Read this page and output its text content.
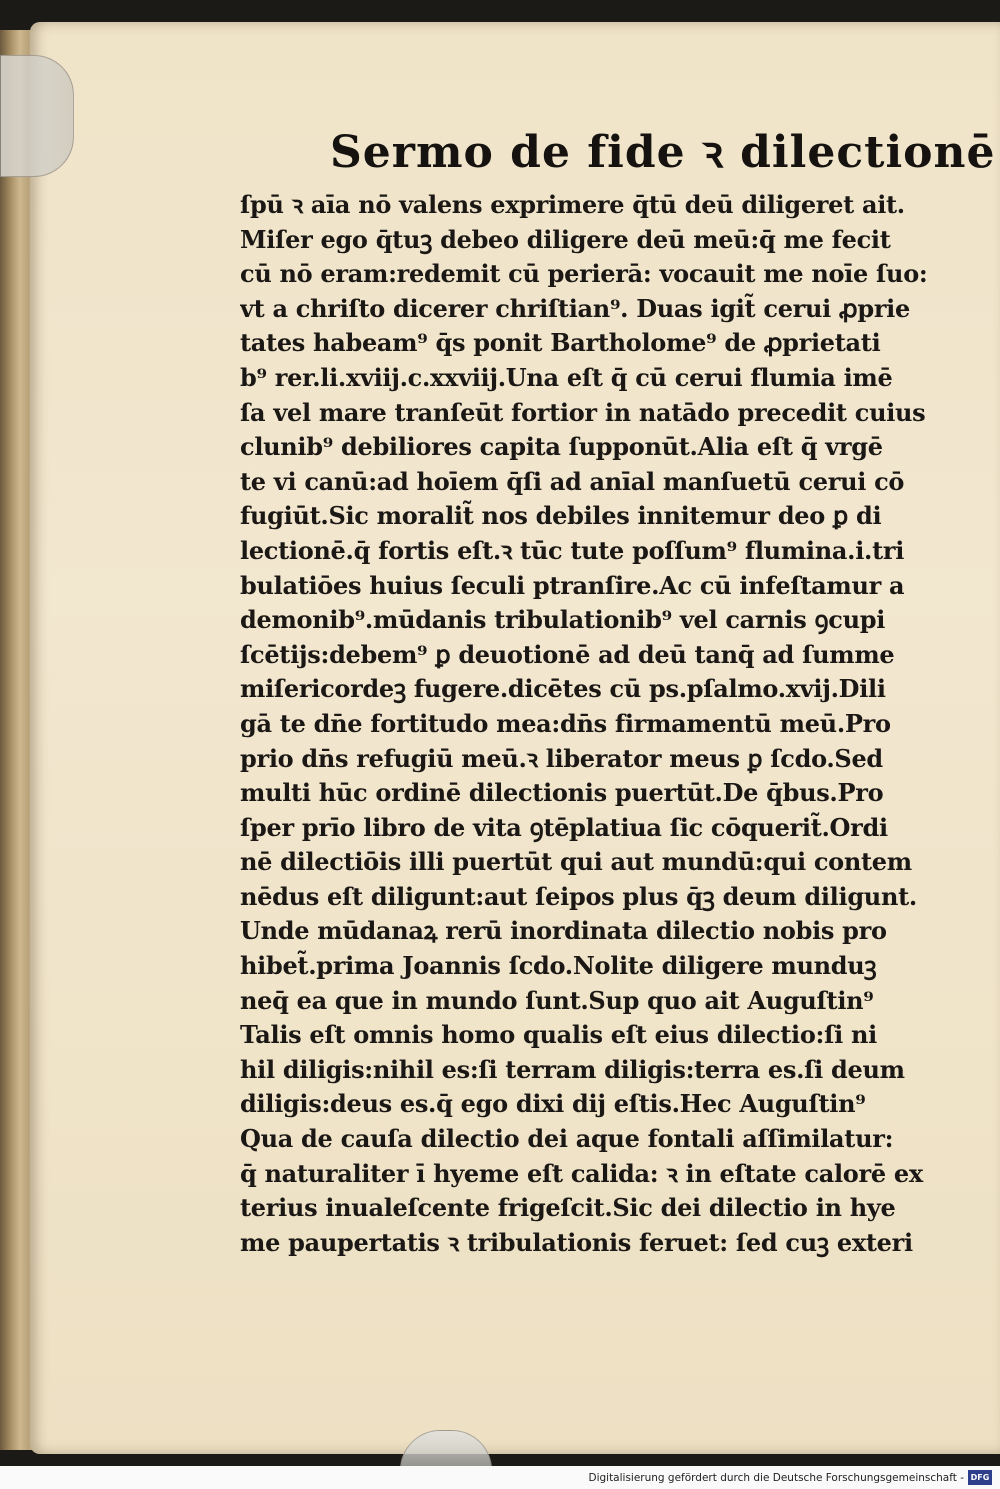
Sermo de fide ꝛ dilectionē
ſpū ꝛ aīa nō valens exprimere q̄tū deū diligeret ait.
Miſer ego q̄tuꝫ debeo diligere deū meū:q̄ me fecit
cū nō eram:redemit cū perierā: vocauit me noīe ſuo:
vt a chriſto dicerer chriſtian⁹. Duas igit̃ cerui ꝓprie
tates habeam⁹ q̄s ponit Bartholome⁹ de ꝓprietati
b⁹ rer.li.xviij.c.xxviij.Una eſt q̄ cū cerui flumia imē
ſa vel mare tranſeūt fortior in natādo precedit cuius
clunib⁹ debiliores capita ſupponūt.Alia eſt q̄ vrgē
te vi canū:ad hoīem q̄ſi ad anīal manſuetū cerui cō
fugiūt.Sic moralit̃ nos debiles innitemur deo ꝑ di
lectionē.q̄ fortis eſt.ꝛ tūc tute poſſum⁹ flumina.i.tri
bulatiōes huius ſeculi ptranſire.Ac cū infeſtamur a
demonib⁹.mūdanis tribulationib⁹ vel carnis ꝯcupi
ſcētijs:debem⁹ ꝑ deuotionē ad deū tanq̄ ad ſumme
miſericordeꝫ fugere.dicētes cū ps.pſalmo.xvij.Dili
gā te dn̄e fortitudo mea:dn̄s firmamentū meū.Pro
prio dn̄s refugiū meū.ꝛ liberator meus ꝑ ſcdo.Sed
multi hūc ordinē dilectionis puertūt.De q̄bus.Pro
ſper prīo libro de vita ꝯtēplatiua ſic cōquerit̃.Ordi
nē dilectiōis illi puertūt qui aut mundū:qui contem
nēdus eſt diligunt:aut ſeipos plus q̄ꝫ deum diligunt.
Unde mūdanaꝝ rerū inordinata dilectio nobis pro
hibet̃.prima Joannis ſcdo.Nolite diligere munduꝫ
neq̄ ea que in mundo ſunt.Sup quo ait Auguſtin⁹
Talis eſt omnis homo qualis eſt eius dilectio:ſi ni
hil diligis:nihil es:ſi terram diligis:terra es.ſi deum
diligis:deus es.q̄ ego dixi dij eſtis.Hec Auguſtin⁹
Qua de cauſa dilectio dei aque fontali aſſimilatur:
q̄ naturaliter ī hyeme eſt calida: ꝛ in eſtate calorē ex
terius inualeſcente frigeſcit.Sic dei dilectio in hye
me paupertatis ꝛ tribulationis feruet: ſed cuꝫ exteri
Digitalisierung gefördert durch die Deutsche Forschungsgemeinschaft - DFG
